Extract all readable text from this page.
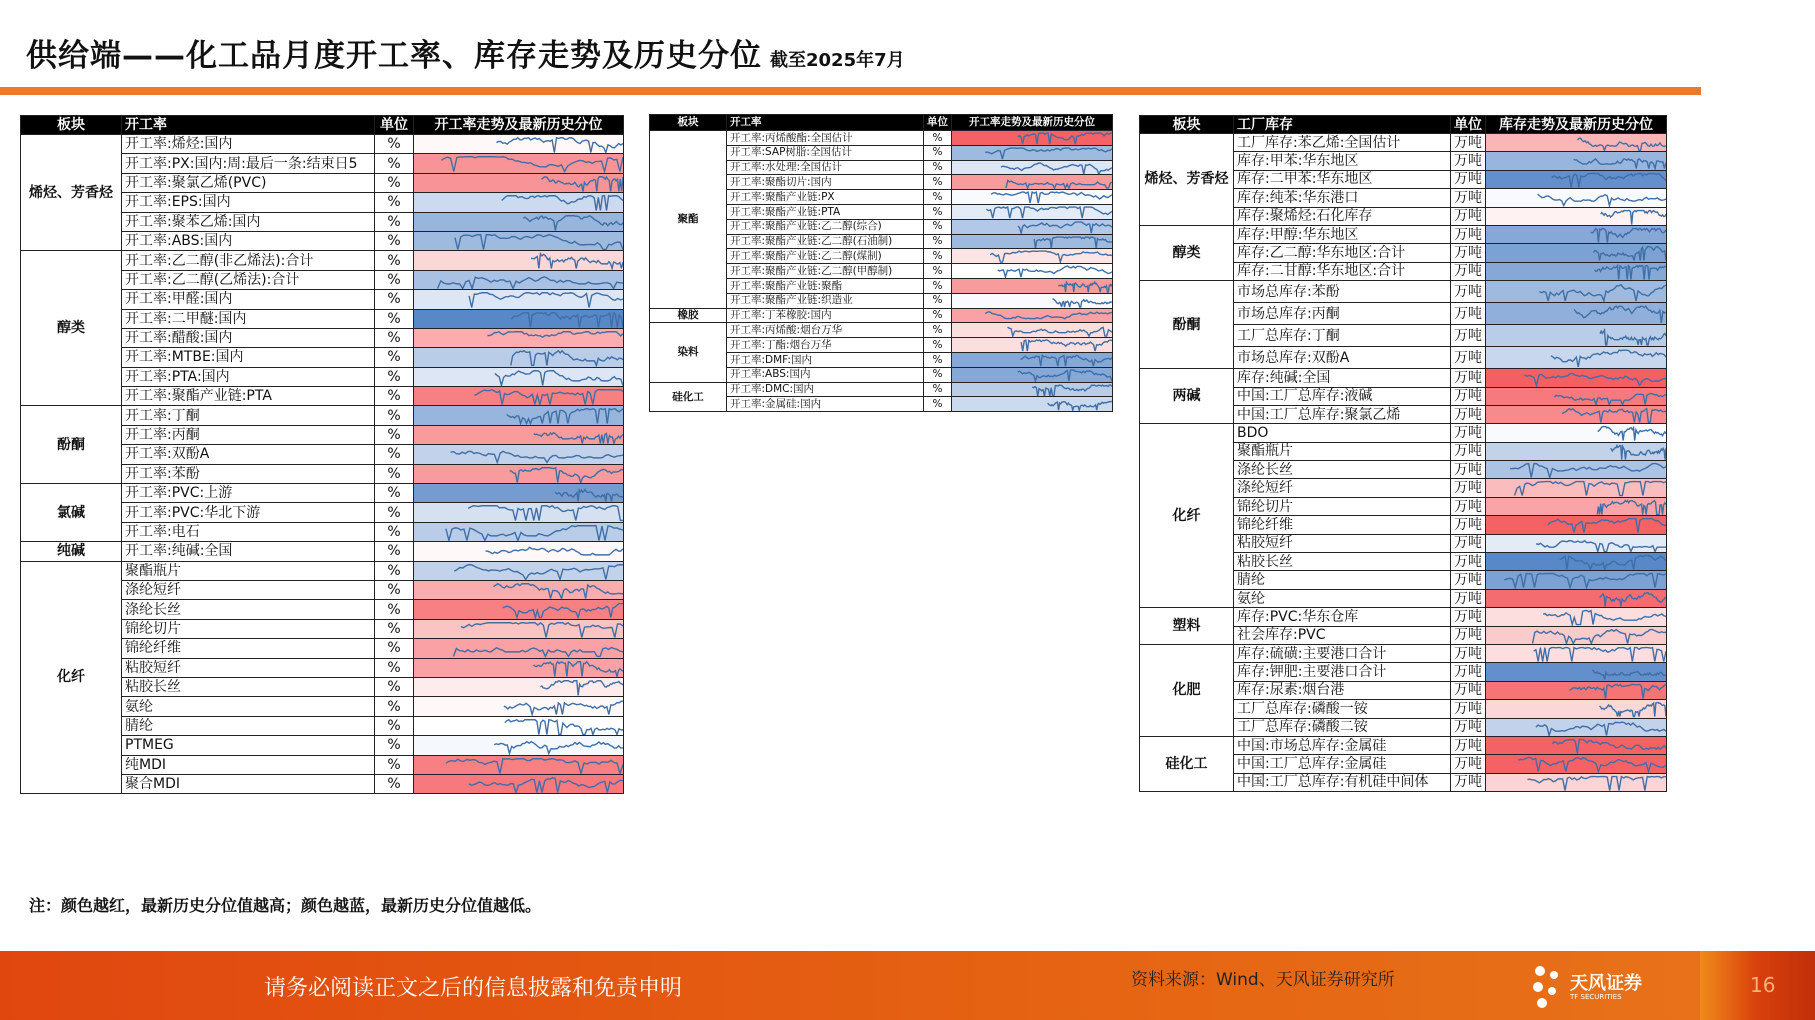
供给端——化工品月度开工率、库存走势及历史分位 截至2025年7月
板块	开工率	单位	开工率走势及最新历史分位
烯烃、芳香烃	开工率:烯烃:国内	%	

	开工率:PX:国内:周:最后一条:结束日5	%	

	开工率:聚氯乙烯(PVC)	%	

	开工率:EPS:国内	%	

	开工率:聚苯乙烯:国内	%	

	开工率:ABS:国内	%	

醇类	开工率:乙二醇(非乙烯法):合计	%	

	开工率:乙二醇(乙烯法):合计	%	

	开工率:甲醛:国内	%	

	开工率:二甲醚:国内	%	

	开工率:醋酸:国内	%	

	开工率:MTBE:国内	%	

	开工率:PTA:国内	%	

	开工率:聚酯产业链:PTA	%	

酚酮	开工率:丁酮	%	

	开工率:丙酮	%	

	开工率:双酚A	%	

	开工率:苯酚	%	

氯碱	开工率:PVC:上游	%	

	开工率:PVC:华北下游	%	

	开工率:电石	%	

纯碱	开工率:纯碱:全国	%	

化纤	聚酯瓶片	%	

	涤纶短纤	%	

	涤纶长丝	%	

	锦纶切片	%	

	锦纶纤维	%	

	粘胶短纤	%	

	粘胶长丝	%	

	氨纶	%	

	腈纶	%	

	PTMEG	%	

	纯MDI	%	

	聚合MDI	%	
板块	开工率	单位	开工率走势及最新历史分位
聚酯	开工率:丙烯酸酯:全国估计	%	

	开工率:SAP树脂:全国估计	%	

	开工率:水处理:全国估计	%	

	开工率:聚酯切片:国内	%	

	开工率:聚酯产业链:PX	%	

	开工率:聚酯产业链:PTA	%	

	开工率:聚酯产业链:乙二醇(综合)	%	

	开工率:聚酯产业链:乙二醇(石油制)	%	

	开工率:聚酯产业链:乙二醇(煤制)	%	

	开工率:聚酯产业链:乙二醇(甲醇制)	%	

	开工率:聚酯产业链:聚酯	%	

	开工率:聚酯产业链:织造业	%	

橡胶	开工率:丁苯橡胶:国内	%	

染料	开工率:丙烯酸:烟台万华	%	

	开工率:丁酯:烟台万华	%	

	开工率:DMF:国内	%	

	开工率:ABS:国内	%	

硅化工	开工率:DMC:国内	%	

	开工率:金属硅:国内	%	
板块	工厂库存	单位	库存走势及最新历史分位
烯烃、芳香烃	工厂库存:苯乙烯:全国估计	万吨	

	库存:甲苯:华东地区	万吨	

	库存:二甲苯:华东地区	万吨	

	库存:纯苯:华东港口	万吨	

	库存:聚烯烃:石化库存	万吨	

醇类	库存:甲醇:华东地区	万吨	

	库存:乙二醇:华东地区:合计	万吨	

	库存:二甘醇:华东地区:合计	万吨	

酚酮	市场总库存:苯酚	万吨	

	市场总库存:丙酮	万吨	

	工厂总库存:丁酮	万吨	

	市场总库存:双酚A	万吨	

两碱	库存:纯碱:全国	万吨	

	中国:工厂总库存:液碱	万吨	

	中国:工厂总库存:聚氯乙烯	万吨	

化纤	BDO	万吨	

	聚酯瓶片	万吨	

	涤纶长丝	万吨	

	涤纶短纤	万吨	

	锦纶切片	万吨	

	锦纶纤维	万吨	

	粘胶短纤	万吨	

	粘胶长丝	万吨	

	腈纶	万吨	

	氨纶	万吨	

塑料	库存:PVC:华东仓库	万吨	

	社会库存:PVC	万吨	

化肥	库存:硫磺:主要港口合计	万吨	

	库存:钾肥:主要港口合计	万吨	

	库存:尿素:烟台港	万吨	

	工厂总库存:磷酸一铵	万吨	

	工厂总库存:磷酸二铵	万吨	

硅化工	中国:市场总库存:金属硅	万吨	

	中国:工厂总库存:金属硅	万吨	

	中国:工厂总库存:有机硅中间体	万吨	
注：颜色越红，最新历史分位值越高；颜色越蓝，最新历史分位值越低。
请务必阅读正文之后的信息披露和免责申明	资料来源：Wind、天风证券研究所	天风证券
TF SECURITIES	16
